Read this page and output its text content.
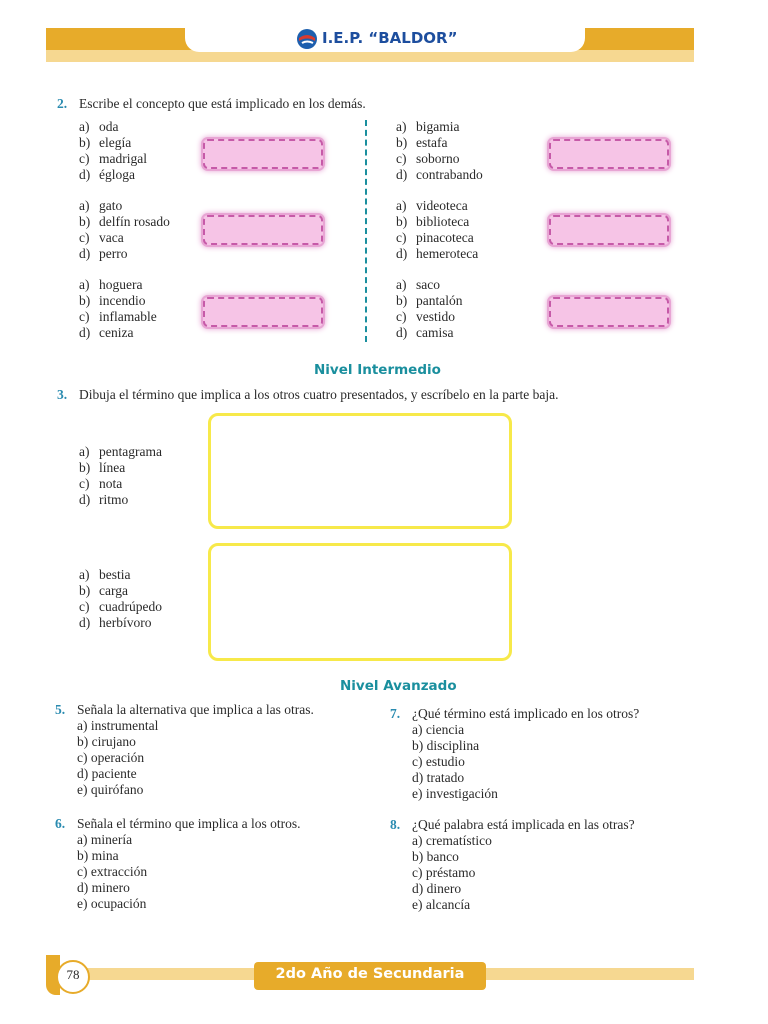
I.E.P. “BALDOR”
2. Escribe el concepto que está implicado en los demás.
a) oda
b) elegía
c) madrigal
d) égloga
a) bigamia
b) estafa
c) soborno
d) contrabando
a) gato
b) delfín rosado
c) vaca
d) perro
a) videoteca
b) biblioteca
c) pinacoteca
d) hemeroteca
a) hoguera
b) incendio
c) inflamable
d) ceniza
a) saco
b) pantalón
c) vestido
d) camisa
Nivel Intermedio
3. Dibuja el término que implica a los otros cuatro presentados, y escríbelo en la parte baja.
a) pentagrama
b) línea
c) nota
d) ritmo
a) bestia
b) carga
c) cuadrúpedo
d) herbívoro
Nivel Avanzado
5. Señala la alternativa que implica a las otras.
a) instrumental
b) cirujano
c) operación
d) paciente
e) quirófano
6. Señala el término que implica a los otros.
a) minería
b) mina
c) extracción
d) minero
e) ocupación
7. ¿Qué término está implicado en los otros?
a) ciencia
b) disciplina
c) estudio
d) tratado
e) investigación
8. ¿Qué palabra está implicada en las otras?
a) crematístico
b) banco
c) préstamo
d) dinero
e) alcancía
78	2do Año de Secundaria
